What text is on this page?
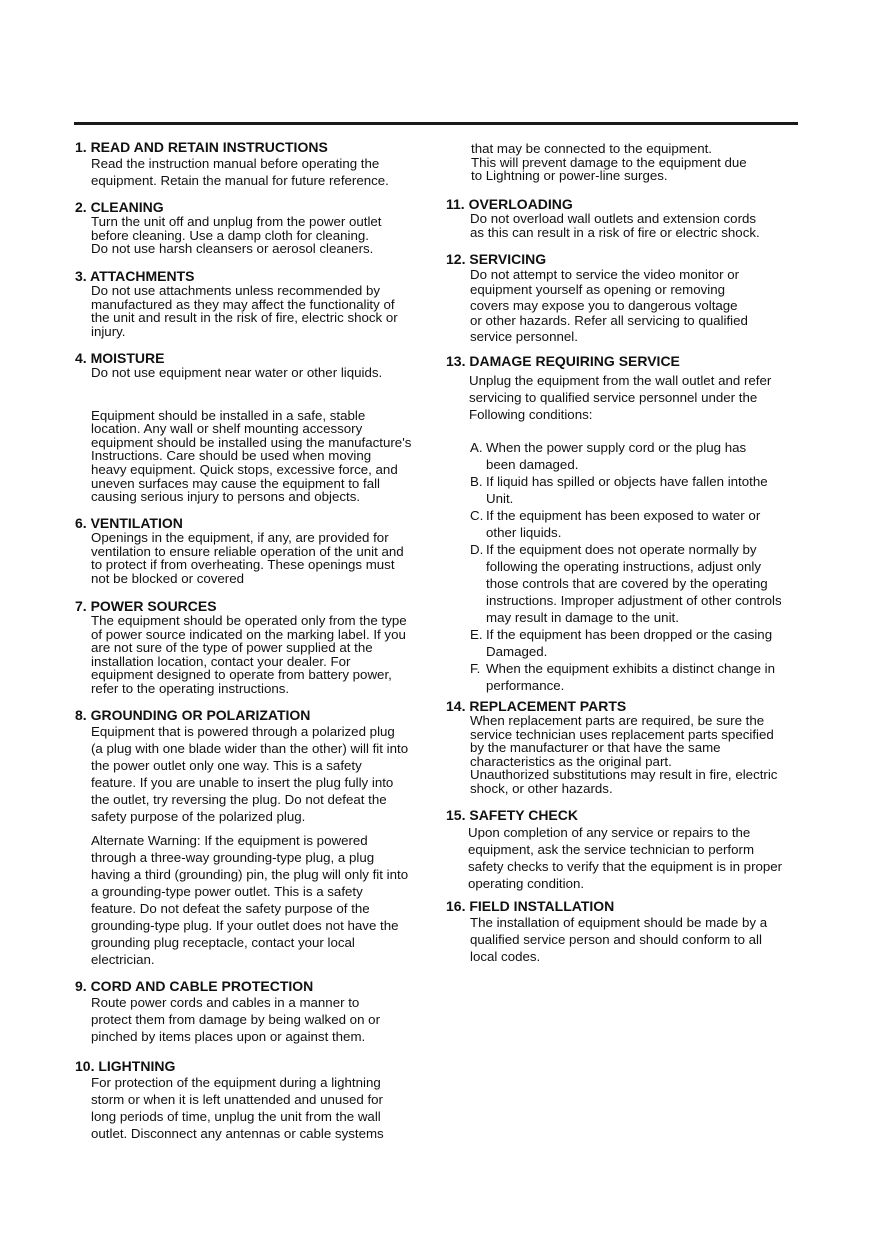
1. READ AND RETAIN INSTRUCTIONS

Read the instruction manual before operating the
equipment. Retain the manual for future reference.

2. CLEANING

Turn the unit off and unplug from the power outlet
before cleaning. Use a damp cloth for cleaning.
Do not use harsh cleansers or aerosol cleaners.

3. ATTACHMENTS

Do not use attachments unless recommended by
manufactured as they may affect the functionality of
the unit and result in the risk of fire, electric shock or
injury.

4. MOISTURE

Do not use equipment near water or other liquids.

Equipment should be installed in a safe, stable
location. Any wall or shelf mounting accessory
equipment should be installed using the manufacture's
Instructions. Care should be used when moving
heavy equipment. Quick stops, excessive force, and
uneven surfaces may cause the equipment to fall
causing serious injury to persons and objects.

6. VENTILATION

Openings in the equipment, if any, are provided for
ventilation to ensure reliable operation of the unit and
to protect if from overheating. These openings must
not be blocked or covered

7. POWER SOURCES

The equipment should be operated only from the type
of power source indicated on the marking label. If you
are not sure of the type of power supplied at the
installation location, contact your dealer. For
equipment designed to operate from battery power,
refer to the operating instructions.

8. GROUNDING OR POLARIZATION

Equipment that is powered through a polarized plug
(a plug with one blade wider than the other) will fit into
the power outlet only one way. This is a safety
feature. If you are unable to insert the plug fully into
the outlet, try reversing the plug. Do not defeat the
safety purpose of the polarized plug.

Alternate Warning: If the equipment is powered
through a three-way grounding-type plug, a plug
having a third (grounding) pin, the plug will only fit into
a grounding-type power outlet. This is a safety
feature. Do not defeat the safety purpose of the
grounding-type plug. If your outlet does not have the
grounding plug receptacle, contact your local
electrician.

9. CORD AND CABLE PROTECTION

Route power cords and cables in a manner to
protect them from damage by being walked on or
pinched by items places upon or against them.

10. LIGHTNING

For protection of the equipment during a lightning
storm or when it is left unattended and unused for
long periods of time, unplug the unit from the wall
outlet. Disconnect any antennas or cable systems

that may be connected to the equipment.
This will prevent damage to the equipment due
to Lightning or power-line surges.

11. OVERLOADING

Do not overload wall outlets and extension cords
as this can result in a risk of fire or electric shock.

12. SERVICING

Do not attempt to service the video monitor or
equipment yourself as opening or removing
covers may expose you to dangerous voltage
or other hazards. Refer all servicing to qualified
service personnel.

13. DAMAGE REQUIRING SERVICE

Unplug the equipment from the wall outlet and refer
servicing to qualified service personnel under the
Following conditions:

A. When the power supply cord or the plug has
been damaged.
B. If liquid has spilled or objects have fallen intothe
Unit.
C. If the equipment has been exposed to water or
other liquids.
D. If the equipment does not operate normally by
following the operating instructions, adjust only
those controls that are covered by the operating
instructions. Improper adjustment of other controls
may result in damage to the unit.
E. If the equipment has been dropped or the casing
Damaged.
F. When the equipment exhibits a distinct change in
performance.

14. REPLACEMENT PARTS

When replacement parts are required, be sure the
service technician uses replacement parts specified
by the manufacturer or that have the same
characteristics as the original part.
Unauthorized substitutions may result in fire, electric
shock, or other hazards.

15. SAFETY CHECK

Upon completion of any service or repairs to the
equipment, ask the service technician to perform
safety checks to verify that the equipment is in proper
operating condition.

16. FIELD INSTALLATION

The installation of equipment should be made by a
qualified service person and should conform to all
local codes.
